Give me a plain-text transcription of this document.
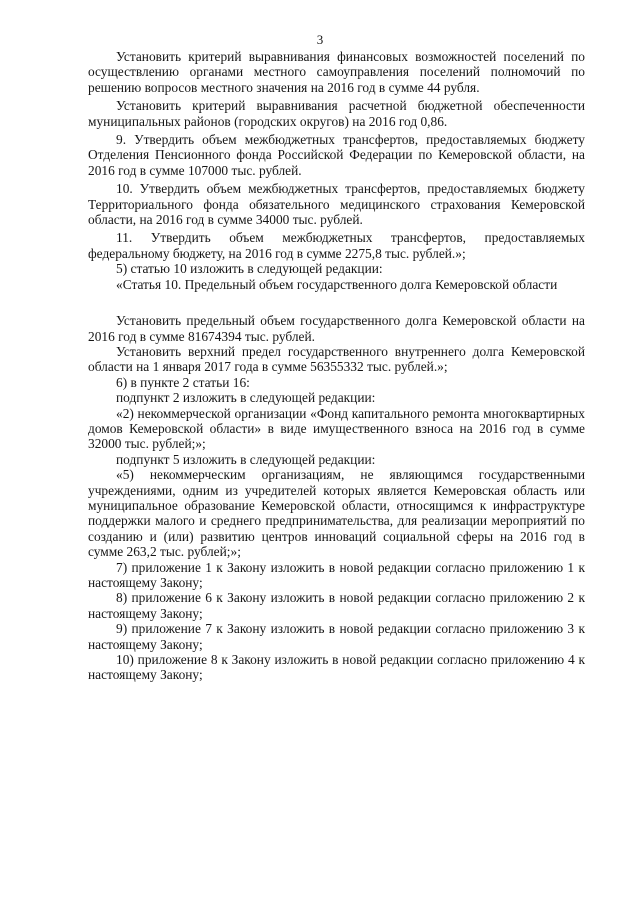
3

Установить критерий выравнивания финансовых возможностей поселений по осуществлению органами местного самоуправления поселений полномочий по решению вопросов местного значения на 2016 год в сумме 44 рубля.

Установить критерий выравнивания расчетной бюджетной обеспеченности муниципальных районов (городских округов) на 2016 год 0,86.

9. Утвердить объем межбюджетных трансфертов, предоставляемых бюджету Отделения Пенсионного фонда Российской Федерации по Кемеровской области, на 2016 год в сумме 107000 тыс. рублей.

10. Утвердить объем межбюджетных трансфертов, предоставляемых бюджету Территориального фонда обязательного медицинского страхования Кемеровской области, на 2016 год в сумме 34000 тыс. рублей.

11. Утвердить объем межбюджетных трансфертов, предоставляемых федеральному бюджету, на 2016 год в сумме 2275,8 тыс. рублей.»;

5) статью 10 изложить в следующей редакции:

«Статья 10. Предельный объем государственного долга Кемеровской области

Установить предельный объем государственного долга Кемеровской области на 2016 год в сумме 81674394 тыс. рублей.

Установить верхний предел государственного внутреннего долга Кемеровской области на 1 января 2017 года в сумме 56355332 тыс. рублей.»;

6) в пункте 2 статьи 16:

подпункт 2 изложить в следующей редакции:

«2) некоммерческой организации «Фонд капитального ремонта многоквартирных домов Кемеровской области» в виде имущественного взноса на 2016 год в сумме 32000 тыс. рублей;»;

подпункт 5 изложить в следующей редакции:

«5) некоммерческим организациям, не являющимся государственными учреждениями, одним из учредителей которых является Кемеровская область или муниципальное образование Кемеровской области, относящимся к инфраструктуре поддержки малого и среднего предпринимательства, для реализации мероприятий по созданию и (или) развитию центров инноваций социальной сферы на 2016 год в сумме 263,2 тыс. рублей;»;

7) приложение 1 к Закону изложить в новой редакции согласно приложению 1 к настоящему Закону;

8) приложение 6 к Закону изложить в новой редакции согласно приложению 2 к настоящему Закону;

9) приложение 7 к Закону изложить в новой редакции согласно приложению 3 к настоящему Закону;

10) приложение 8 к Закону изложить в новой редакции согласно приложению 4 к настоящему Закону;
